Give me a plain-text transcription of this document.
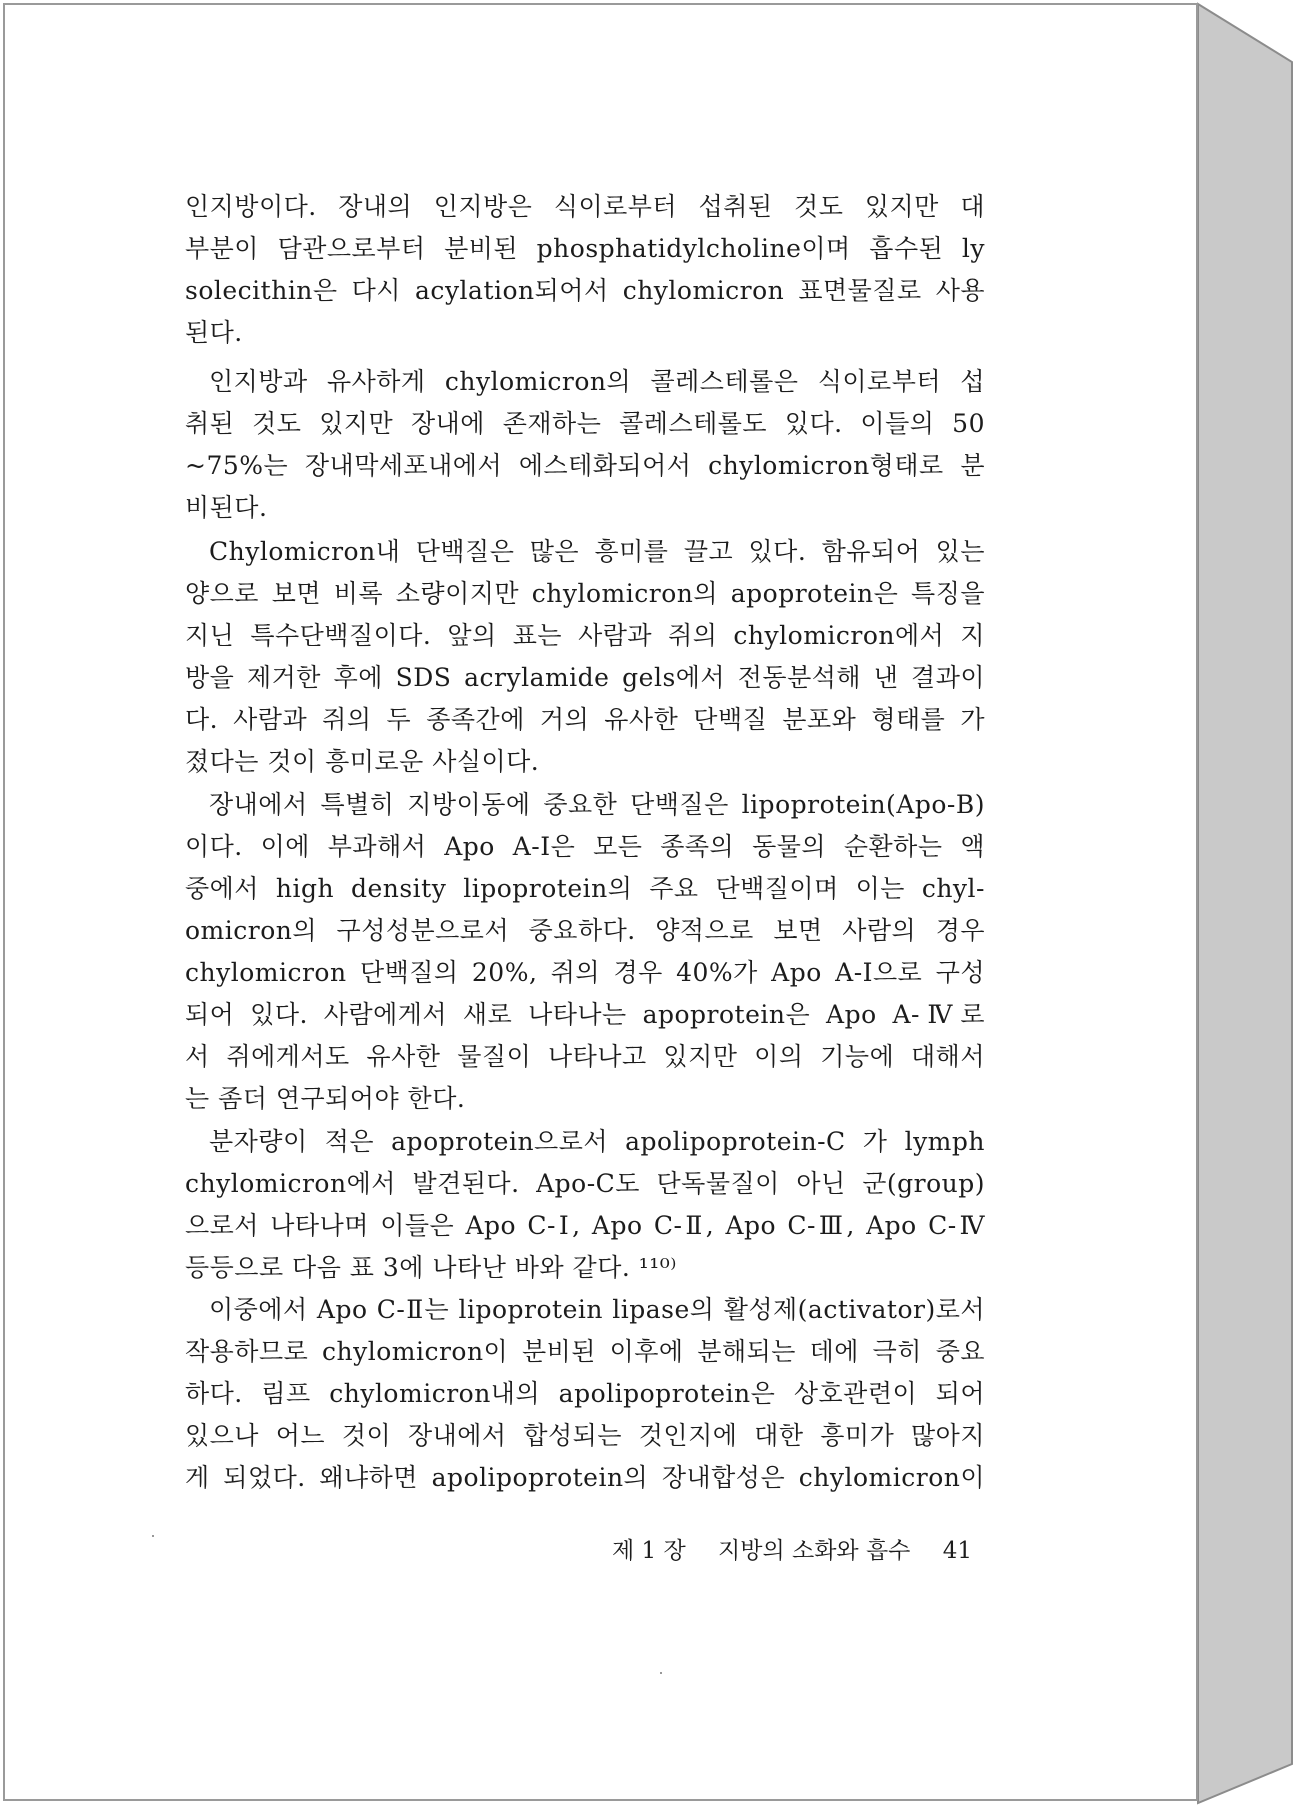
인지방이다. 장내의 인지방은 식이로부터 섭취된 것도 있지만 대
부분이 담관으로부터 분비된 phosphatidylcholine이며 흡수된 ly
solecithin은 다시 acylation되어서 chylomicron 표면물질로 사용
된다.
인지방과 유사하게 chylomicron의 콜레스테롤은 식이로부터 섭
취된 것도 있지만 장내에 존재하는 콜레스테롤도 있다. 이들의 50
~75%는 장내막세포내에서 에스테화되어서 chylomicron형태로 분
비된다.
Chylomicron내 단백질은 많은 흥미를 끌고 있다. 함유되어 있는
양으로 보면 비록 소량이지만 chylomicron의 apoprotein은 특징을
지닌 특수단백질이다. 앞의 표는 사람과 쥐의 chylomicron에서 지
방을 제거한 후에 SDS acrylamide gels에서 전동분석해 낸 결과이
다. 사람과 쥐의 두 종족간에 거의 유사한 단백질 분포와 형태를 가
졌다는 것이 흥미로운 사실이다.
장내에서 특별히 지방이동에 중요한 단백질은 lipoprotein(Apo-B)
이다. 이에 부과해서 Apo A-I은 모든 종족의 동물의 순환하는 액
중에서 high density lipoprotein의 주요 단백질이며 이는 chyl-
omicron의 구성성분으로서 중요하다. 양적으로 보면 사람의 경우
chylomicron 단백질의 20%, 쥐의 경우 40%가 Apo A-I으로 구성
되어 있다. 사람에게서 새로 나타나는 apoprotein은 Apo A-Ⅳ로
서 쥐에게서도 유사한 물질이 나타나고 있지만 이의 기능에 대해서
는 좀더 연구되어야 한다.
분자량이 적은 apoprotein으로서 apolipoprotein-C 가 lymph
chylomicron에서 발견된다. Apo-C도 단독물질이 아닌 군(group)
으로서 나타나며 이들은 Apo C-Ⅰ, Apo C-Ⅱ, Apo C-Ⅲ, Apo C-Ⅳ
등등으로 다음 표 3에 나타난 바와 같다. ¹¹⁰⁾
이중에서 Apo C-Ⅱ는 lipoprotein lipase의 활성제(activator)로서
작용하므로 chylomicron이 분비된 이후에 분해되는 데에 극히 중요
하다. 림프 chylomicron내의 apolipoprotein은 상호관련이 되어
있으나 어느 것이 장내에서 합성되는 것인지에 대한 흥미가 많아지
게 되었다. 왜냐하면 apolipoprotein의 장내합성은 chylomicron이
제 1 장 지방의 소화와 흡수 41
